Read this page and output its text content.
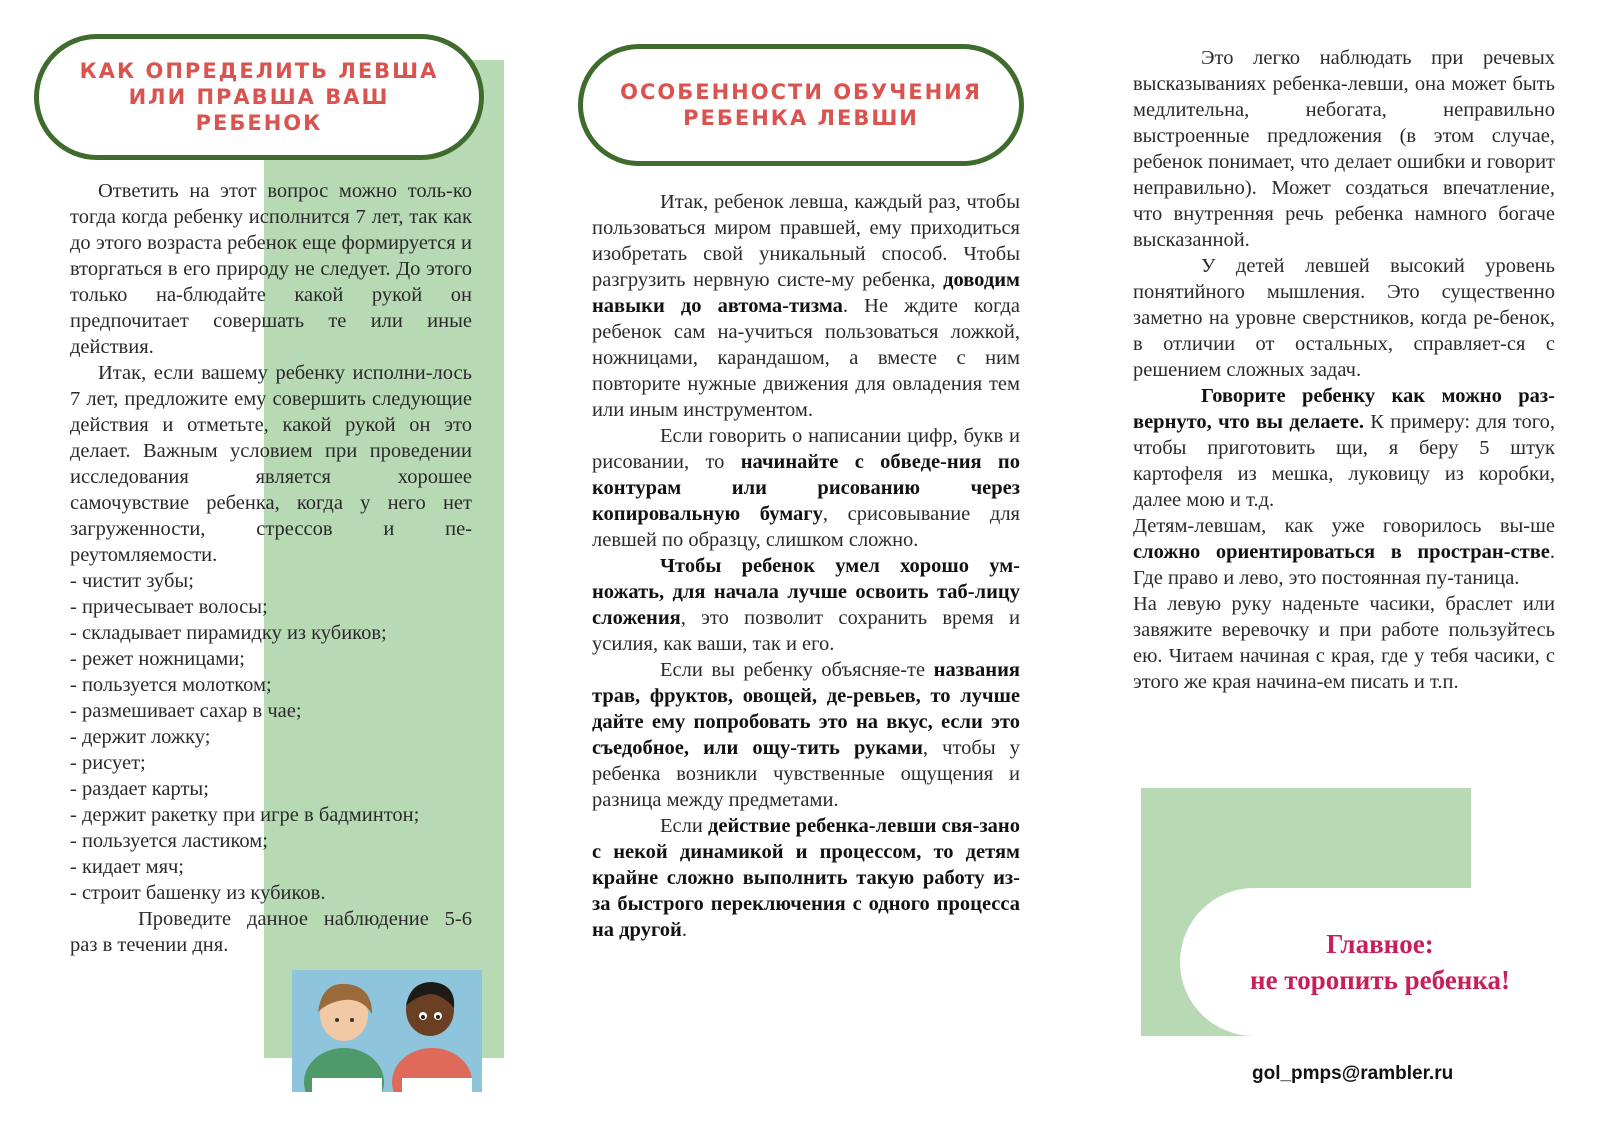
КАК ОПРЕДЕЛИТЬ ЛЕВША
ИЛИ ПРАВША ВАШ
РЕБЕНОК

Ответить на этот вопрос можно толь-ко тогда когда ребенку исполнится 7 лет, так как до этого возраста ребенок еще формируется и вторгаться в его природу не следует. До этого только на-блюдайте какой рукой он предпочитает совершать те или иные действия.

Итак, если вашему ребенку исполни-лось 7 лет, предложите ему совершить следующие действия и отметьте, какой рукой он это делает. Важным условием при проведении исследования является хорошее самочувствие ребенка, когда у него нет загруженности, стрессов и пе-реутомляемости.

- чистит зубы;
- причесывает волосы;
- складывает пирамидку из кубиков;
- режет ножницами;
- пользуется молотком;
- размешивает сахар в чае;
- держит ложку;
- рисует;
- раздает карты;
- держит ракетку при игре в бадминтон;
- пользуется ластиком;
- кидает мяч;
- строит башенку из кубиков.

Проведите данное наблюдение 5-6 раз в течении дня.

ОСОБЕННОСТИ ОБУЧЕНИЯ
РЕБЕНКА ЛЕВШИ

Итак, ребенок левша, каждый раз, чтобы пользоваться миром правшей, ему приходиться изобретать свой уникальный способ. Чтобы разгрузить нервную систе-му ребенка, доводим навыки до автома-тизма. Не ждите когда ребенок сам на-учиться пользоваться ложкой, ножницами, карандашом, а вместе с ним повторите нужные движения для овладения тем или иным инструментом.

Если говорить о написании цифр, букв и рисовании, то начинайте с обведе-ния по контурам или рисованию через копировальную бумагу, срисовывание для левшей по образцу, слишком сложно.

Чтобы ребенок умел хорошо ум-ножать, для начала лучше освоить таб-лицу сложения, это позволит сохранить время и усилия, как ваши, так и его.

Если вы ребенку объясняе-те названия трав, фруктов, овощей, де-ревьев, то лучше дайте ему попробовать это на вкус, если это съедобное, или ощу-тить руками, чтобы у ребенка возникли чувственные ощущения и разница между предметами.

Если действие ребенка-левши свя-зано с некой динамикой и процессом, то детям крайне сложно выполнить такую работу из-за быстрого переключения с одного процесса на другой.

Это легко наблюдать при речевых высказываниях ребенка-левши, она может быть медлительна, небогата, неправильно выстроенные предложения (в этом случае, ребенок понимает, что делает ошибки и говорит неправильно). Может создаться впечатление, что внутренняя речь ребенка намного богаче высказанной.

У детей левшей высокий уровень понятийного мышления. Это существенно заметно на уровне сверстников, когда ре-бенок, в отличии от остальных, справляет-ся с решением сложных задач.

Говорите ребенку как можно раз-вернуто, что вы делаете. К примеру: для того, чтобы приготовить щи, я беру 5 штук картофеля из мешка, луковицу из коробки, далее мою и т.д.

Детям-левшам, как уже говорилось вы-ше сложно ориентироваться в простран-стве. Где право и лево, это постоянная пу-таница.

На левую руку наденьте часики, браслет или завяжите веревочку и при работе пользуйтесь ею. Читаем начиная с края, где у тебя часики, с этого же края начина-ем писать и т.п.

Главное:
не торопить ребенка!
gol_pmps@rambler.ru
